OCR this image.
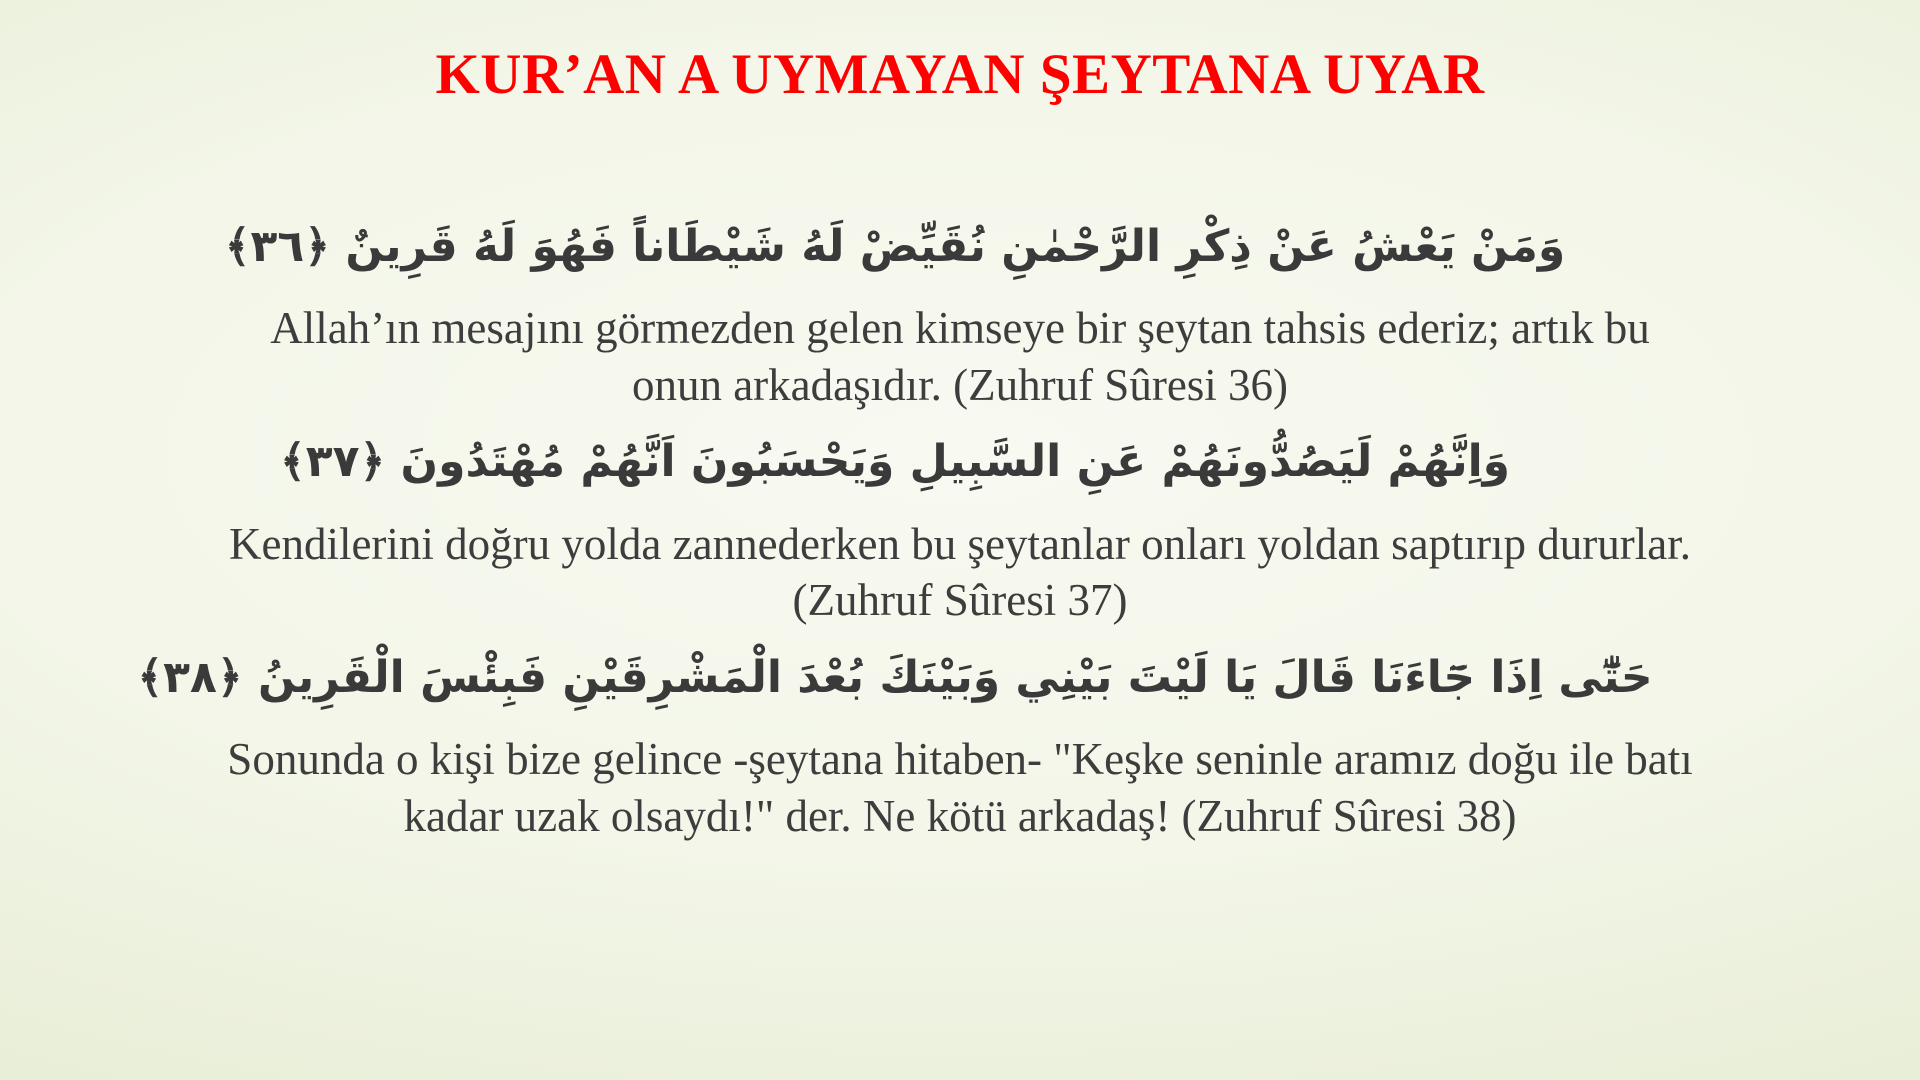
KUR’AN A UYMAYAN ŞEYTANA UYAR
وَمَنْ يَعْشُ عَنْ ذِكْرِ الرَّحْمٰنِ نُقَيِّضْ لَهُ شَيْطَاناً فَهُوَ لَهُ قَرِينٌ ﴿٣٦﴾
Allah’ın mesajını görmezden gelen kimseye bir şeytan tahsis ederiz; artık bu
onun arkadaşıdır. (Zuhruf Sûresi 36)
وَاِنَّهُمْ لَيَصُدُّونَهُمْ عَنِ السَّبِيلِ وَيَحْسَبُونَ اَنَّهُمْ مُهْتَدُونَ ﴿٣٧﴾
Kendilerini doğru yolda zannederken bu şeytanlar onları yoldan saptırıp dururlar.
(Zuhruf Sûresi 37)
حَتّٰٓى اِذَا جَٓاءَنَا قَالَ يَا لَيْتَ بَيْنِي وَبَيْنَكَ بُعْدَ الْمَشْرِقَيْنِ فَبِئْسَ الْقَرِينُ ﴿٣٨﴾
Sonunda o kişi bize gelince -şeytana hitaben- "Keşke seninle aramız doğu ile batı
kadar uzak olsaydı!" der. Ne kötü arkadaş! (Zuhruf Sûresi 38)
